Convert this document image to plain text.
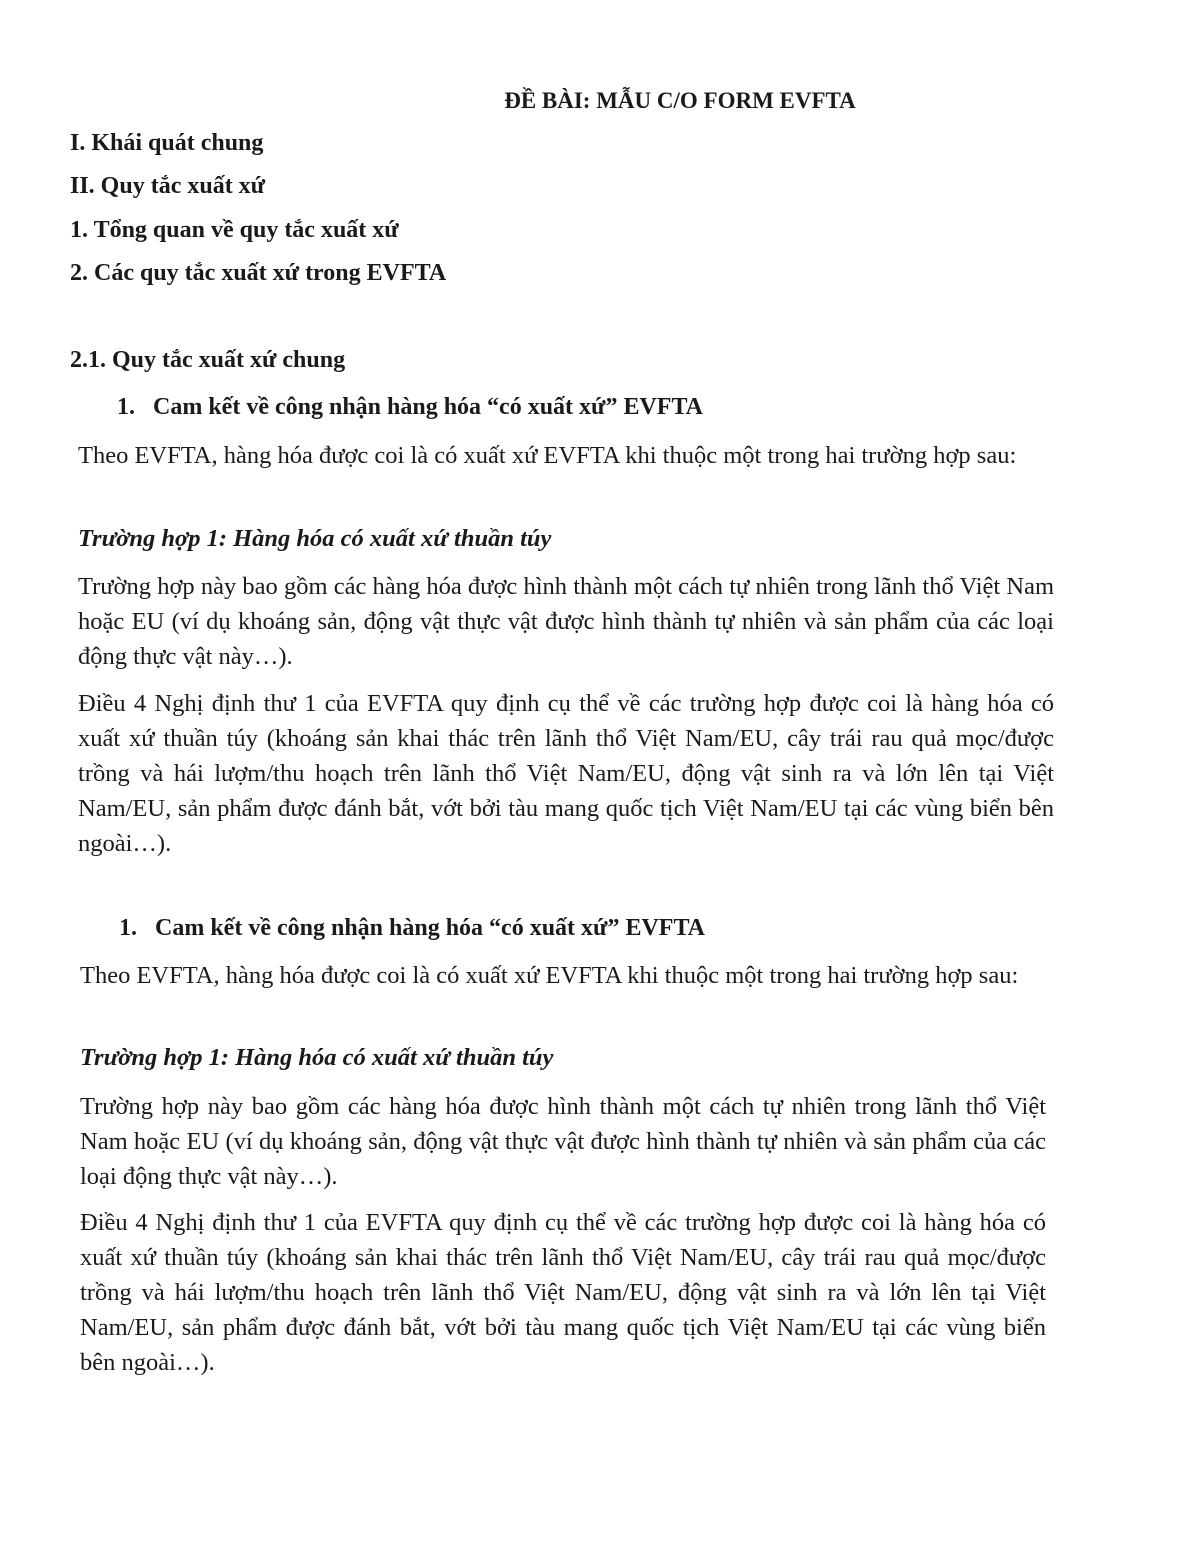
ĐỀ BÀI: MẪU C/O FORM EVFTA
I. Khái quát chung
II. Quy tắc xuất xứ
1. Tổng quan về quy tắc xuất xứ
2. Các quy tắc xuất xứ trong EVFTA
2.1. Quy tắc xuất xứ chung
1. Cam kết về công nhận hàng hóa “có xuất xứ” EVFTA

Theo EVFTA, hàng hóa được coi là có xuất xứ EVFTA khi thuộc một trong hai trường hợp sau:

Trường hợp 1: Hàng hóa có xuất xứ thuần túy

Trường hợp này bao gồm các hàng hóa được hình thành một cách tự nhiên trong lãnh thổ Việt Nam hoặc EU (ví dụ khoáng sản, động vật thực vật được hình thành tự nhiên và sản phẩm của các loại động thực vật này…).

Điều 4 Nghị định thư 1 của EVFTA quy định cụ thể về các trường hợp được coi là hàng hóa có xuất xứ thuần túy (khoáng sản khai thác trên lãnh thổ Việt Nam/EU, cây trái rau quả mọc/được trồng và hái lượm/thu hoạch trên lãnh thổ Việt Nam/EU, động vật sinh ra và lớn lên tại Việt Nam/EU, sản phẩm được đánh bắt, vớt bởi tàu mang quốc tịch Việt Nam/EU tại các vùng biển bên ngoài…).

1. Cam kết về công nhận hàng hóa “có xuất xứ” EVFTA

Theo EVFTA, hàng hóa được coi là có xuất xứ EVFTA khi thuộc một trong hai trường hợp sau:

Trường hợp 1: Hàng hóa có xuất xứ thuần túy

Trường hợp này bao gồm các hàng hóa được hình thành một cách tự nhiên trong lãnh thổ Việt Nam hoặc EU (ví dụ khoáng sản, động vật thực vật được hình thành tự nhiên và sản phẩm của các loại động thực vật này…).

Điều 4 Nghị định thư 1 của EVFTA quy định cụ thể về các trường hợp được coi là hàng hóa có xuất xứ thuần túy (khoáng sản khai thác trên lãnh thổ Việt Nam/EU, cây trái rau quả mọc/được trồng và hái lượm/thu hoạch trên lãnh thổ Việt Nam/EU, động vật sinh ra và lớn lên tại Việt Nam/EU, sản phẩm được đánh bắt, vớt bởi tàu mang quốc tịch Việt Nam/EU tại các vùng biển bên ngoài…).
